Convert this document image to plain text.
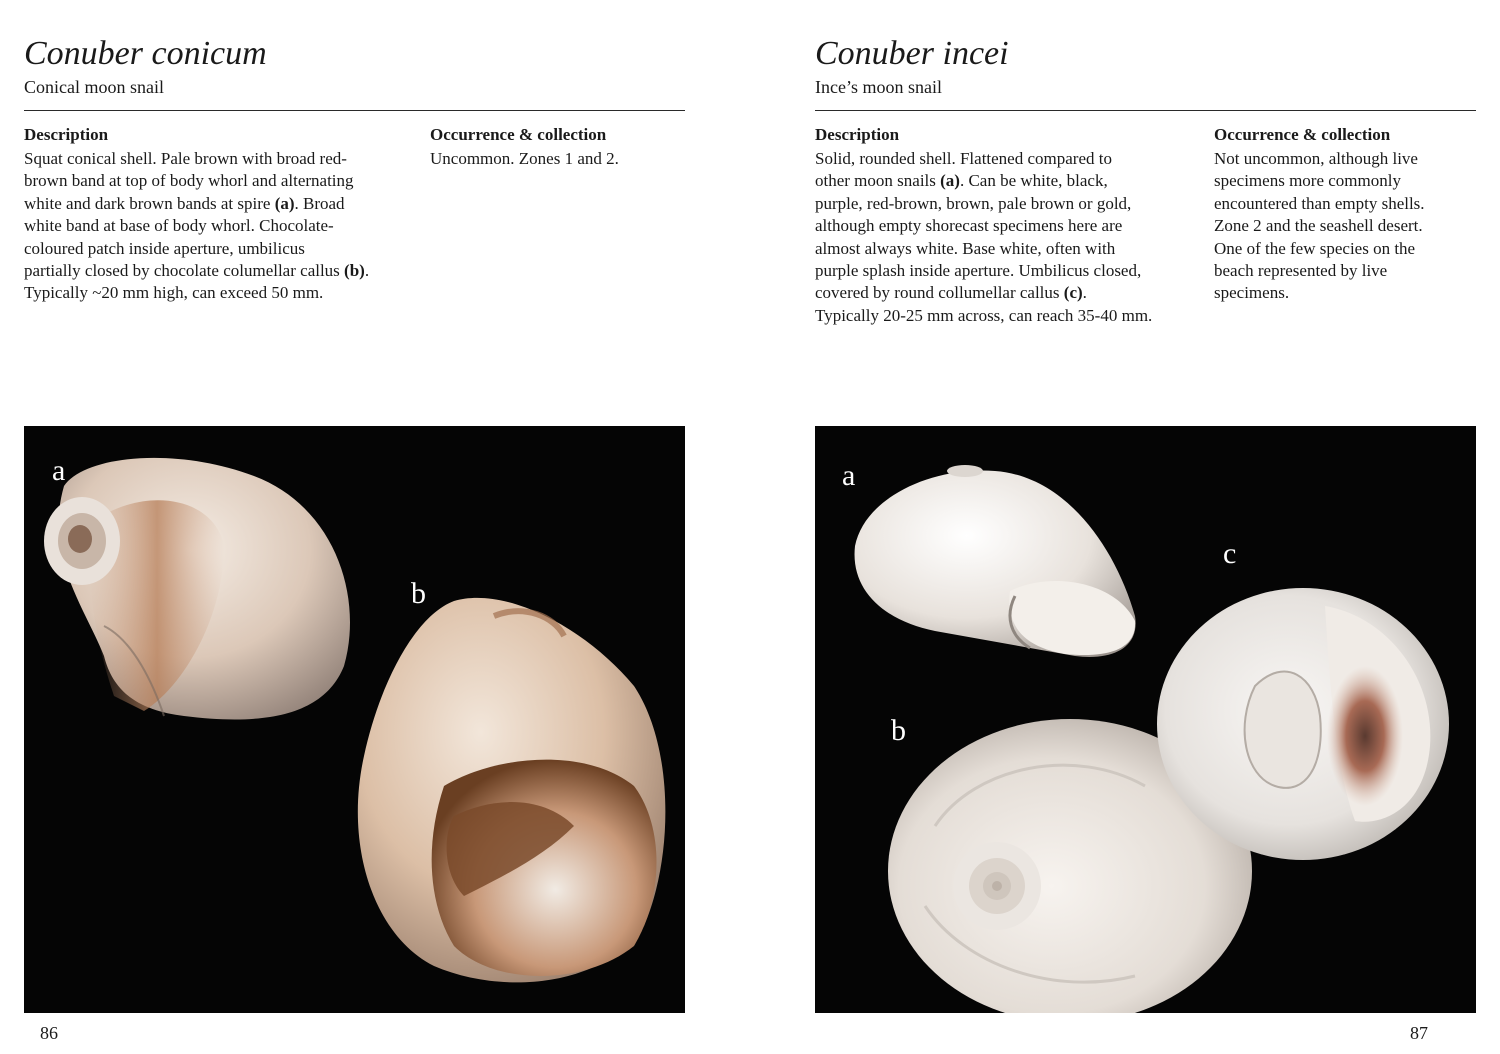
Conuber conicum
Conical moon snail
Description

Squat conical shell. Pale brown with broad red-
brown band at top of body whorl and alternating
white and dark brown bands at spire (a). Broad
white band at base of body whorl. Chocolate-
coloured patch inside aperture, umbilicus
partially closed by chocolate columellar callus (b).
Typically ~20 mm high, can exceed 50 mm.

Occurrence & collection

Uncommon. Zones 1 and 2.

a
b
86
Conuber incei
Ince’s moon snail
Description

Solid, rounded shell. Flattened compared to
other moon snails (a). Can be white, black,
purple, red-brown, brown, pale brown or gold,
although empty shorecast specimens here are
almost always white. Base white, often with
purple splash inside aperture. Umbilicus closed,
covered by round collumellar callus (c).
Typically 20-25 mm across, can reach 35-40 mm.

Occurrence & collection

Not uncommon, although live
specimens more commonly
encountered than empty shells.
Zone 2 and the seashell desert.
One of the few species on the
beach represented by live
specimens.

a
b
c
87
